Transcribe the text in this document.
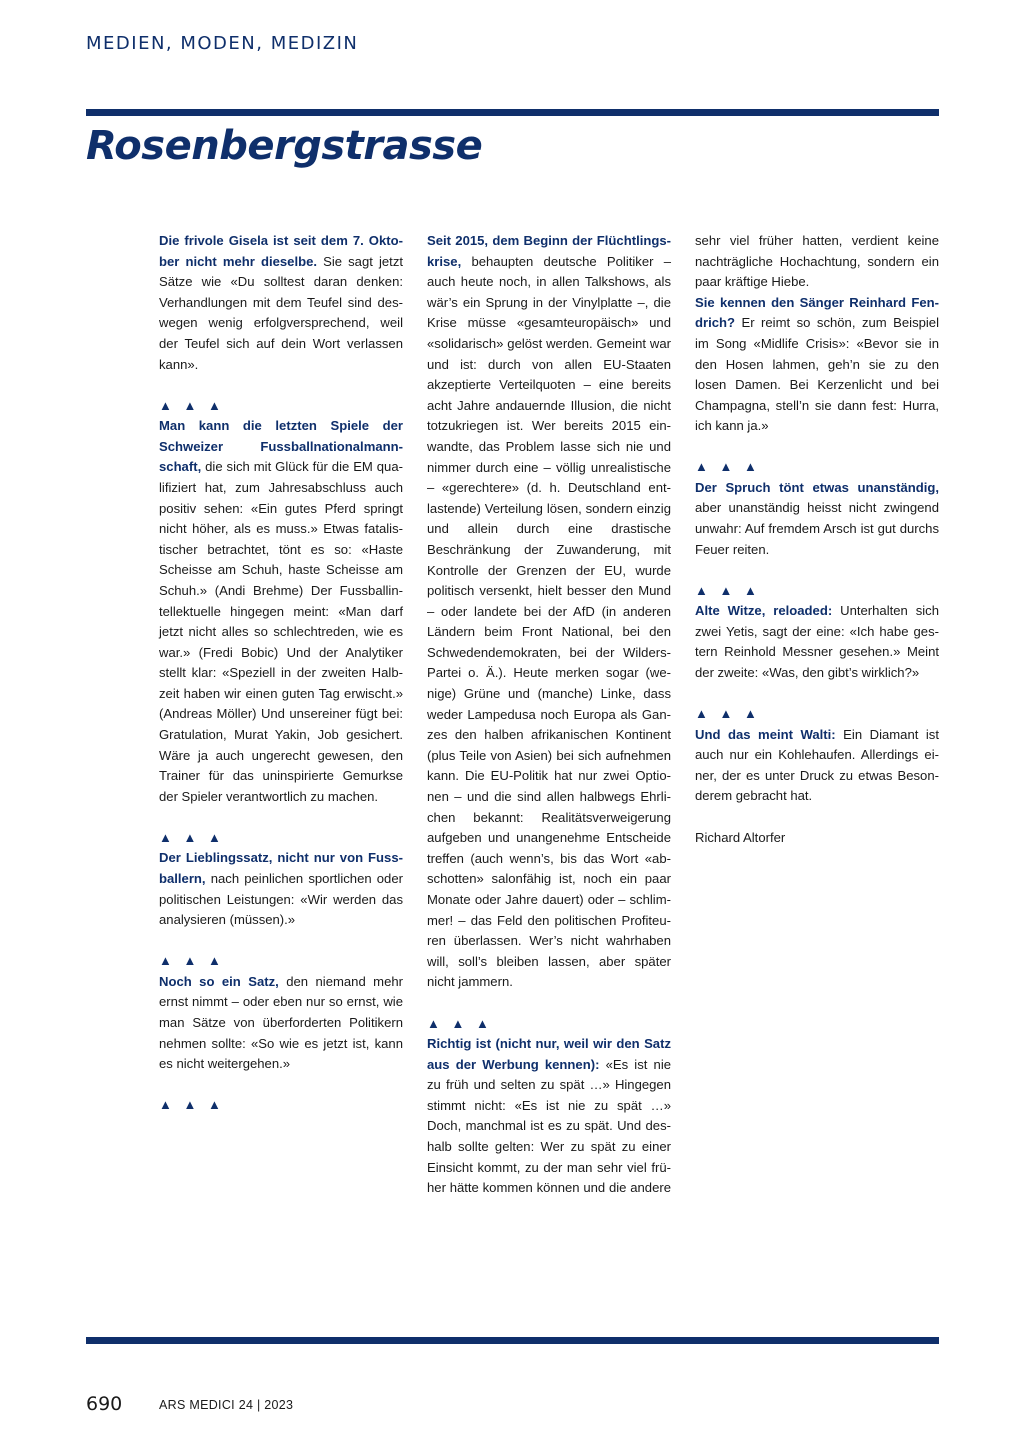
MEDIEN, MODEN, MEDIZIN
Rosenbergstrasse

Die frivole Gisela ist seit dem 7. Oktober nicht mehr dieselbe. Sie sagt jetzt Sätze wie «Du solltest daran denken: Verhandlungen mit dem Teufel sind deswegen wenig erfolgversprechend, weil der Teufel sich auf dein Wort verlassen kann».

▲ ▲ ▲

Man kann die letzten Spiele der Schweizer Fussballnationalmannschaft, die sich mit Glück für die EM qualifiziert hat, zum Jahresabschluss auch positiv sehen: «Ein gutes Pferd springt nicht höher, als es muss.» Etwas fatalistischer betrachtet, tönt es so: «Haste Scheisse am Schuh, haste Scheisse am Schuh.» (Andi Brehme) Der Fussballintellektuelle hingegen meint: «Man darf jetzt nicht alles so schlechtreden, wie es war.» (Fredi Bobic) Und der Analytiker stellt klar: «Speziell in der zweiten Halbzeit haben wir einen guten Tag erwischt.» (Andreas Möller) Und unsereiner fügt bei: Gratulation, Murat Yakin, Job gesichert. Wäre ja auch ungerecht gewesen, den Trainer für das uninspirierte Gemurkse der Spieler verantwortlich zu machen.

▲ ▲ ▲

Der Lieblingssatz, nicht nur von Fussballern, nach peinlichen sportlichen oder politischen Leistungen: «Wir werden das analysieren (müssen).»

▲ ▲ ▲

Noch so ein Satz, den niemand mehr ernst nimmt – oder eben nur so ernst, wie man Sätze von überforderten Politikern nehmen sollte: «So wie es jetzt ist, kann es nicht weitergehen.»

▲ ▲ ▲

Seit 2015, dem Beginn der Flüchtlingskrise, behaupten deutsche Politiker – auch heute noch, in allen Talkshows, als wär’s ein Sprung in der Vinylplatte –, die Krise müsse «gesamteuropäisch» und «solidarisch» gelöst werden. Gemeint war und ist: durch von allen EU-Staaten akzeptierte Verteilquoten – eine bereits acht Jahre andauernde Illusion, die nicht totzukriegen ist. Wer bereits 2015 einwandte, das Problem lasse sich nie und nimmer durch eine – völlig unrealistische – «gerechtere» (d. h. Deutschland entlastende) Verteilung lösen, sondern einzig und allein durch eine drastische Beschränkung der Zuwanderung, mit Kontrolle der Grenzen der EU, wurde politisch versenkt, hielt besser den Mund – oder landete bei der AfD (in anderen Ländern beim Front National, bei den Schwedendemokraten, bei der Wilders-Partei o. Ä.). Heute merken sogar (wenige) Grüne und (manche) Linke, dass weder Lampedusa noch Europa als Ganzes den halben afrikanischen Kontinent (plus Teile von Asien) bei sich aufnehmen kann. Die EU-Politik hat nur zwei Optionen – und die sind allen halbwegs Ehrlichen bekannt: Realitätsverweigerung aufgeben und unangenehme Entscheide treffen (auch wenn’s, bis das Wort «abschotten» salonfähig ist, noch ein paar Monate oder Jahre dauert) oder – schlimmer! – das Feld den politischen Profiteuren überlassen. Wer’s nicht wahrhaben will, soll’s bleiben lassen, aber später nicht jammern.

▲ ▲ ▲

Richtig ist (nicht nur, weil wir den Satz aus der Werbung kennen): «Es ist nie zu früh und selten zu spät …» Hingegen stimmt nicht: «Es ist nie zu spät …» Doch, manchmal ist es zu spät. Und deshalb sollte gelten: Wer zu spät zu einer Einsicht kommt, zu der man sehr viel früher hätte kommen können und die andere

sehr viel früher hatten, verdient keine nachträgliche Hochachtung, sondern ein paar kräftige Hiebe.

Sie kennen den Sänger Reinhard Fendrich? Er reimt so schön, zum Beispiel im Song «Midlife Crisis»: «Bevor sie in den Hosen lahmen, geh’n sie zu den losen Damen. Bei Kerzenlicht und bei Champagna, stell’n sie dann fest: Hurra, ich kann ja.»

▲ ▲ ▲

Der Spruch tönt etwas unanständig, aber unanständig heisst nicht zwingend unwahr: Auf fremdem Arsch ist gut durchs Feuer reiten.

▲ ▲ ▲

Alte Witze, reloaded: Unterhalten sich zwei Yetis, sagt der eine: «Ich habe gestern Reinhold Messner gesehen.» Meint der zweite: «Was, den gibt’s wirklich?»

▲ ▲ ▲

Und das meint Walti: Ein Diamant ist auch nur ein Kohlehaufen. Allerdings einer, der es unter Druck zu etwas Besonderem gebracht hat.

Richard Altorfer

690	ARS MEDICI 24 | 2023
